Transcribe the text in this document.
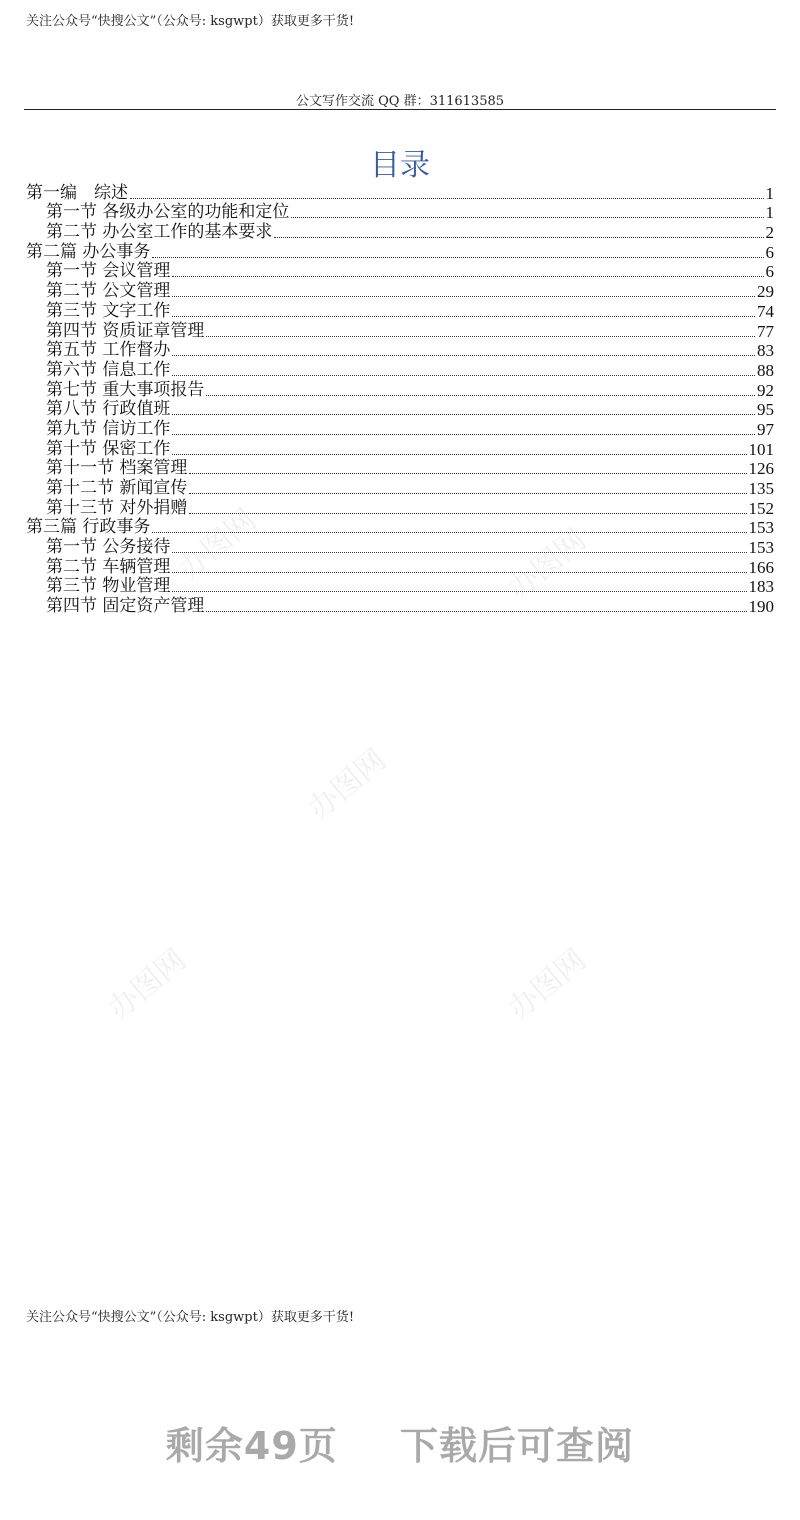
关注公众号“快搜公文”（公众号: ksgwpt）获取更多干货!
公文写作交流 QQ 群：311613585
办图网	办图网
办图网
办图网	办图网
目录
第一编　综述	1
第一节 各级办公室的功能和定位	1
第二节 办公室工作的基本要求	2
第二篇 办公事务	6
第一节 会议管理	6
第二节 公文管理	29
第三节 文字工作	74
第四节 资质证章管理	77
第五节 工作督办	83
第六节 信息工作	88
第七节 重大事项报告	92
第八节 行政值班	95
第九节 信访工作	97
第十节 保密工作	101
第十一节 档案管理	126
第十二节 新闻宣传	135
第十三节 对外捐赠	152
第三篇 行政事务	153
第一节 公务接待	153
第二节 车辆管理	166
第三节 物业管理	183
第四节 固定资产管理	190
关注公众号“快搜公文”（公众号: ksgwpt）获取更多干货!
剩余49页 下载后可查阅
